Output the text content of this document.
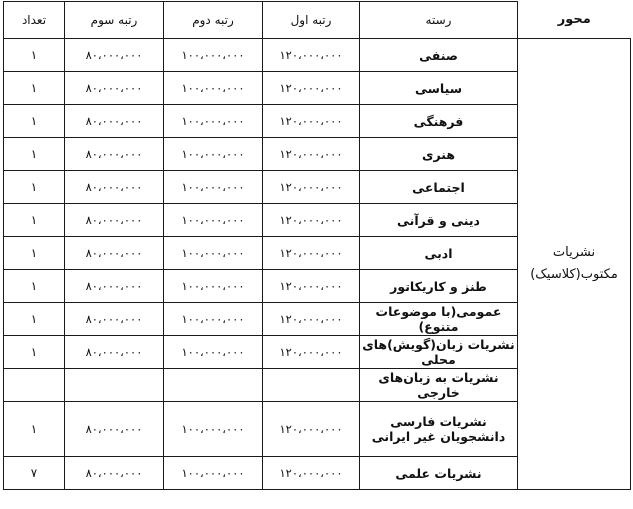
محور	رسته	رتبه اول	رتبه دوم	رتبه سوم	تعداد
نشریات مکتوب(کلاسیک)	صنفی	۱۲۰،۰۰۰،۰۰۰	۱۰۰،۰۰۰،۰۰۰	۸۰،۰۰۰،۰۰۰	۱
	سیاسی	۱۲۰،۰۰۰،۰۰۰	۱۰۰،۰۰۰،۰۰۰	۸۰،۰۰۰،۰۰۰	۱
	فرهنگی	۱۲۰،۰۰۰،۰۰۰	۱۰۰،۰۰۰،۰۰۰	۸۰،۰۰۰،۰۰۰	۱
	هنری	۱۲۰،۰۰۰،۰۰۰	۱۰۰،۰۰۰،۰۰۰	۸۰،۰۰۰،۰۰۰	۱
	اجتماعی	۱۲۰،۰۰۰،۰۰۰	۱۰۰،۰۰۰،۰۰۰	۸۰،۰۰۰،۰۰۰	۱
	دینی و قرآنی	۱۲۰،۰۰۰،۰۰۰	۱۰۰،۰۰۰،۰۰۰	۸۰،۰۰۰،۰۰۰	۱
	ادبی	۱۲۰،۰۰۰،۰۰۰	۱۰۰،۰۰۰،۰۰۰	۸۰،۰۰۰،۰۰۰	۱
	طنز و کاریکاتور	۱۲۰،۰۰۰،۰۰۰	۱۰۰،۰۰۰،۰۰۰	۸۰،۰۰۰،۰۰۰	۱
	عمومی(با موضوعات متنوع)	۱۲۰،۰۰۰،۰۰۰	۱۰۰،۰۰۰،۰۰۰	۸۰،۰۰۰،۰۰۰	۱
	نشریات زبان(گویش)های محلی	۱۲۰،۰۰۰،۰۰۰	۱۰۰،۰۰۰،۰۰۰	۸۰،۰۰۰،۰۰۰	۱
	نشریات به زبان‌های خارجی				
	نشریات فارسی دانشجویان غیر ایرانی	۱۲۰،۰۰۰،۰۰۰	۱۰۰،۰۰۰،۰۰۰	۸۰،۰۰۰،۰۰۰	۱
	نشریات علمی	۱۲۰،۰۰۰،۰۰۰	۱۰۰،۰۰۰،۰۰۰	۸۰،۰۰۰،۰۰۰	۷
